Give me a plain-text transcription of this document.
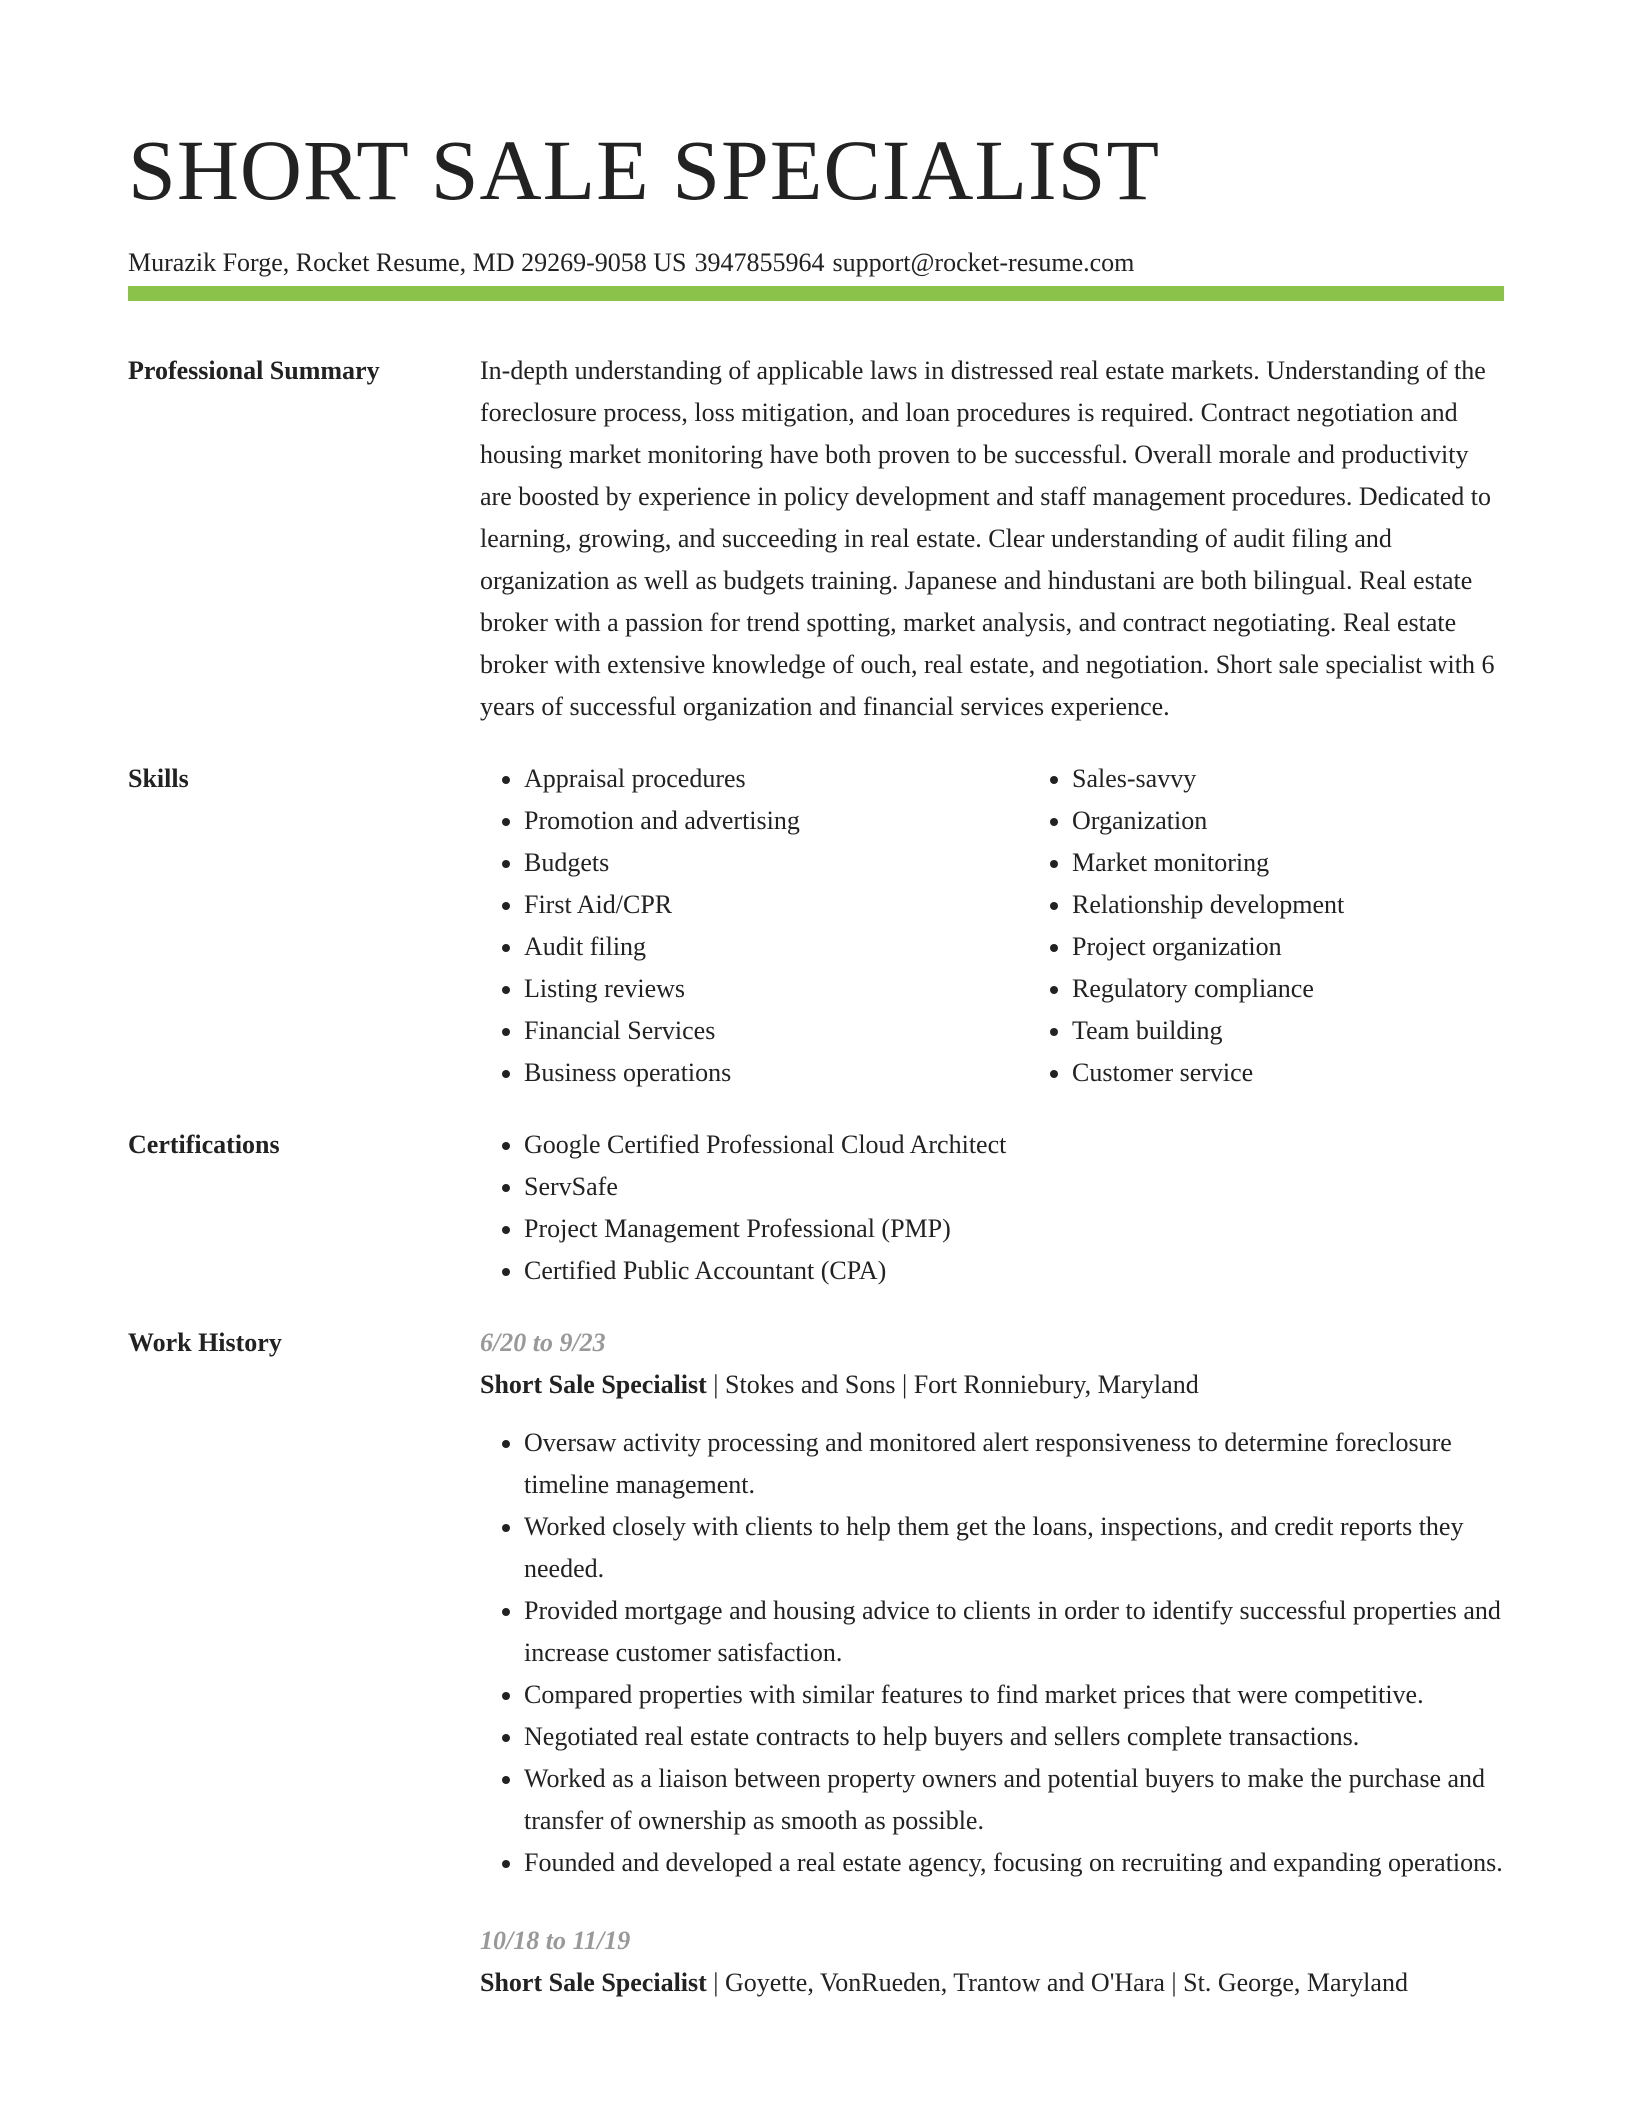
SHORT SALE SPECIALIST
Murazik Forge, Rocket Resume, MD 29269-9058 US 3947855964 support@rocket-resume.com
Professional Summary	In-depth understanding of applicable laws in distressed real estate markets. Understanding of the foreclosure process, loss mitigation, and loan procedures is required. Contract negotiation and housing market monitoring have both proven to be successful. Overall morale and productivity are boosted by experience in policy development and staff management procedures. Dedicated to learning, growing, and succeeding in real estate. Clear understanding of audit filing and organization as well as budgets training. Japanese and hindustani are both bilingual. Real estate broker with a passion for trend spotting, market analysis, and contract negotiating. Real estate broker with extensive knowledge of ouch, real estate, and negotiation. Short sale specialist with 6 years of successful organization and financial services experience.

Skills	• Appraisal procedures
• Promotion and advertising
• Budgets
• First Aid/CPR
• Audit filing
• Listing reviews
• Financial Services
• Business operations
• Sales-savvy
• Organization
• Market monitoring
• Relationship development
• Project organization
• Regulatory compliance
• Team building
• Customer service
Certifications	• Google Certified Professional Cloud Architect
• ServSafe
• Project Management Professional (PMP)
• Certified Public Accountant (CPA)
Work History	6/20 to 9/23
Short Sale Specialist | Stokes and Sons | Fort Ronniebury, Maryland
• Oversaw activity processing and monitored alert responsiveness to determine foreclosure timeline management.
• Worked closely with clients to help them get the loans, inspections, and credit reports they needed.
• Provided mortgage and housing advice to clients in order to identify successful properties and increase customer satisfaction.
• Compared properties with similar features to find market prices that were competitive.
• Negotiated real estate contracts to help buyers and sellers complete transactions.
• Worked as a liaison between property owners and potential buyers to make the purchase and transfer of ownership as smooth as possible.
• Founded and developed a real estate agency, focusing on recruiting and expanding operations.
10/18 to 11/19
Short Sale Specialist | Goyette, VonRueden, Trantow and O'Hara | St. George, Maryland
